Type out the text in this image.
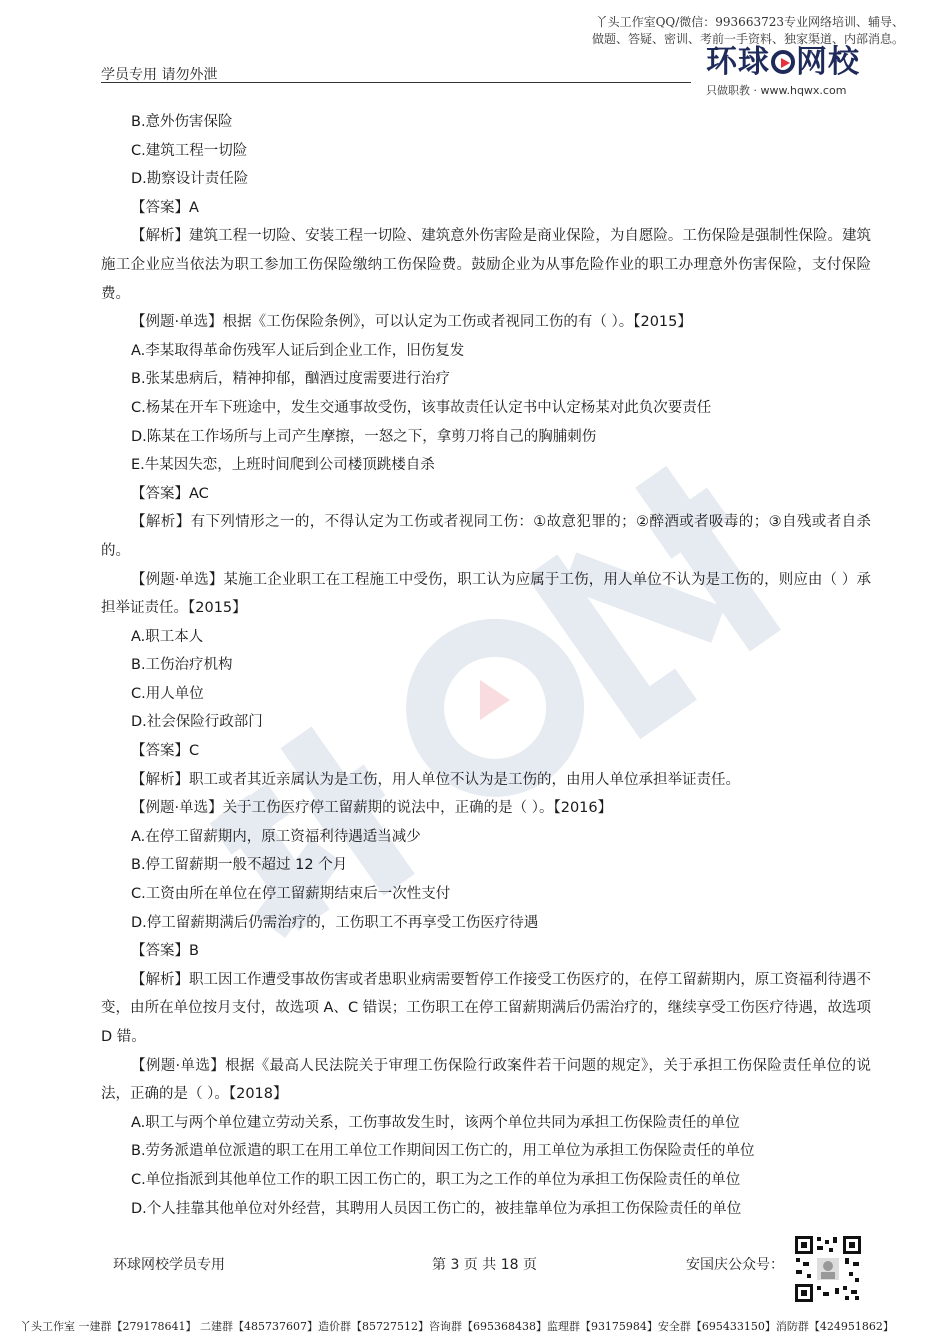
丫头工作室QQ/微信：993663723专业网络培训、辅导、
做题、答疑、密训、考前一手资料、独家渠道、内部消息。
学员专用 请勿外泄	环球 网校
只做职教 · www.hqwx.com
B.意外伤害保险
C.建筑工程一切险
D.勘察设计责任险
【答案】A
【解析】建筑工程一切险、安装工程一切险、建筑意外伤害险是商业保险，为自愿险。工伤保险是强制性保险。建筑施工企业应当依法为职工参加工伤保险缴纳工伤保险费。鼓励企业为从事危险作业的职工办理意外伤害保险，支付保险费。
【例题·单选】根据《工伤保险条例》，可以认定为工伤或者视同工伤的有（ ）。【2015】
A.李某取得革命伤残军人证后到企业工作，旧伤复发
B.张某患病后，精神抑郁，酗酒过度需要进行治疗
C.杨某在开车下班途中，发生交通事故受伤，该事故责任认定书中认定杨某对此负次要责任
D.陈某在工作场所与上司产生摩擦，一怒之下，拿剪刀将自己的胸脯刺伤
E.牛某因失恋，上班时间爬到公司楼顶跳楼自杀
【答案】AC
【解析】有下列情形之一的，不得认定为工伤或者视同工伤：①故意犯罪的；②醉酒或者吸毒的；③自残或者自杀的。
【例题·单选】某施工企业职工在工程施工中受伤，职工认为应属于工伤，用人单位不认为是工伤的，则应由（ ）承担举证责任。【2015】
A.职工本人
B.工伤治疗机构
C.用人单位
D.社会保险行政部门
【答案】C
【解析】职工或者其近亲属认为是工伤，用人单位不认为是工伤的，由用人单位承担举证责任。
【例题·单选】关于工伤医疗停工留薪期的说法中，正确的是（ ）。【2016】
A.在停工留薪期内，原工资福利待遇适当减少
B.停工留薪期一般不超过 12 个月
C.工资由所在单位在停工留薪期结束后一次性支付
D.停工留薪期满后仍需治疗的，工伤职工不再享受工伤医疗待遇
【答案】B
【解析】职工因工作遭受事故伤害或者患职业病需要暂停工作接受工伤医疗的，在停工留薪期内，原工资福利待遇不变，由所在单位按月支付，故选项 A、C 错误；工伤职工在停工留薪期满后仍需治疗的，继续享受工伤医疗待遇，故选项 D 错。
【例题·单选】根据《最高人民法院关于审理工伤保险行政案件若干问题的规定》，关于承担工伤保险责任单位的说法，正确的是（ ）。【2018】
A.职工与两个单位建立劳动关系，工伤事故发生时，该两个单位共同为承担工伤保险责任的单位
B.劳务派遣单位派遣的职工在用工单位工作期间因工伤亡的，用工单位为承担工伤保险责任的单位
C.单位指派到其他单位工作的职工因工伤亡的，职工为之工作的单位为承担工伤保险责任的单位
D.个人挂靠其他单位对外经营，其聘用人员因工伤亡的，被挂靠单位为承担工伤保险责任的单位
环球网校学员专用	第 3 页 共 18 页	安国庆公众号：
丫头工作室 一建群【279178641】 二建群【485737607】造价群【85727512】咨询群【695368438】监理群【93175984】安全群【695433150】消防群【424951862】
